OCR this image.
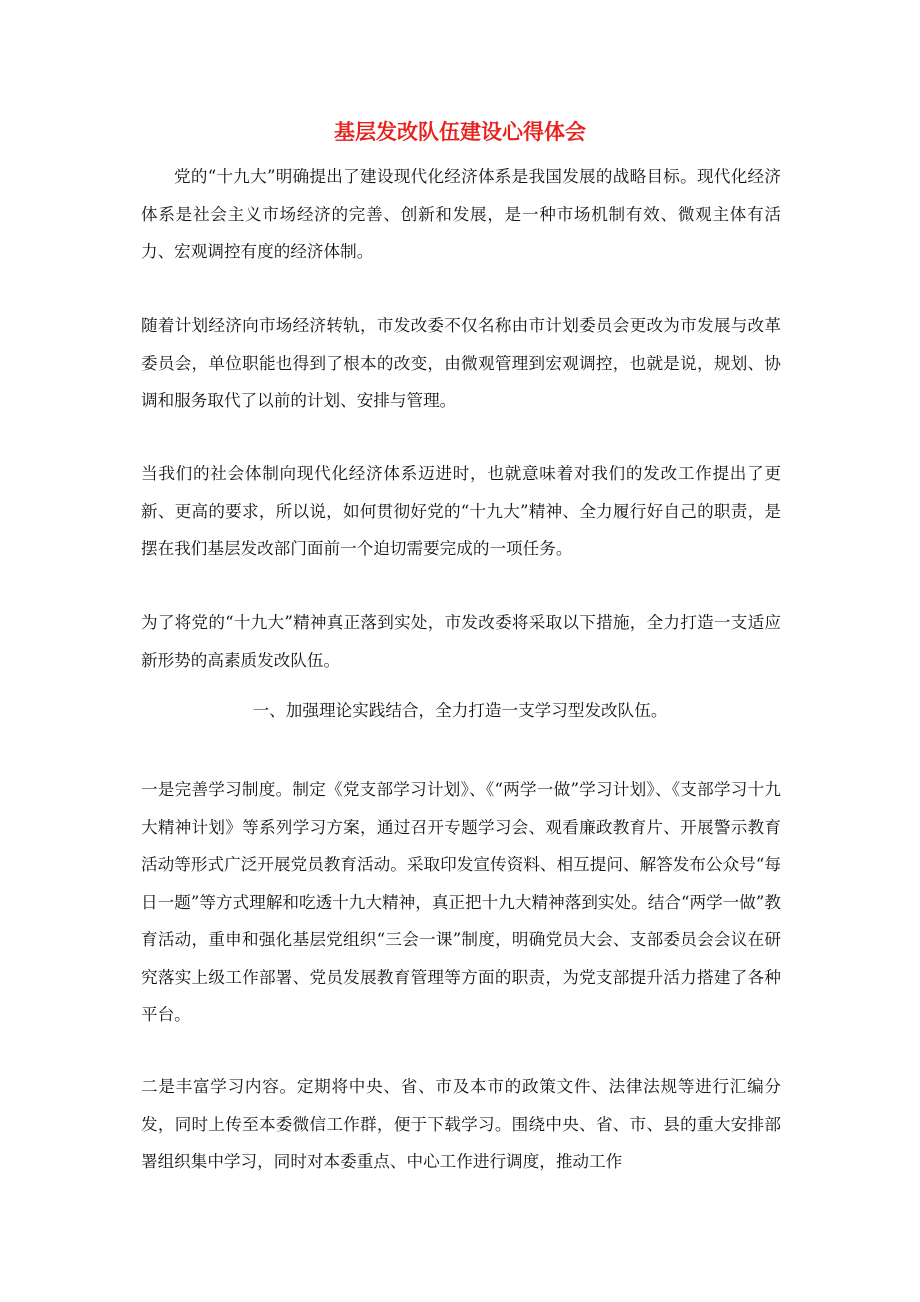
基层发改队伍建设心得体会

党的“十九大”明确提出了建设现代化经济体系是我国发展的战略目标。现代化经济体系是社会主义市场经济的完善、创新和发展，是一种市场机制有效、微观主体有活力、宏观调控有度的经济体制。

随着计划经济向市场经济转轨，市发改委不仅名称由市计划委员会更改为市发展与改革委员会，单位职能也得到了根本的改变，由微观管理到宏观调控，也就是说，规划、协调和服务取代了以前的计划、安排与管理。

当我们的社会体制向现代化经济体系迈进时，也就意味着对我们的发改工作提出了更新、更高的要求，所以说，如何贯彻好党的“十九大”精神、全力履行好自己的职责，是摆在我们基层发改部门面前一个迫切需要完成的一项任务。

为了将党的“十九大”精神真正落到实处，市发改委将采取以下措施，全力打造一支适应新形势的高素质发改队伍。

一、加强理论实践结合，全力打造一支学习型发改队伍。

一是完善学习制度。制定《党支部学习计划》、《“两学一做”学习计划》、《支部学习十九大精神计划》等系列学习方案，通过召开专题学习会、观看廉政教育片、开展警示教育活动等形式广泛开展党员教育活动。采取印发宣传资料、相互提问、解答发布公众号“每日一题”等方式理解和吃透十九大精神，真正把十九大精神落到实处。结合“两学一做”教育活动，重申和强化基层党组织“三会一课”制度，明确党员大会、支部委员会会议在研究落实上级工作部署、党员发展教育管理等方面的职责，为党支部提升活力搭建了各种平台。

二是丰富学习内容。定期将中央、省、市及本市的政策文件、法律法规等进行汇编分发，同时上传至本委微信工作群，便于下载学习。围绕中央、省、市、县的重大安排部署组织集中学习，同时对本委重点、中心工作进行调度，推动工作
